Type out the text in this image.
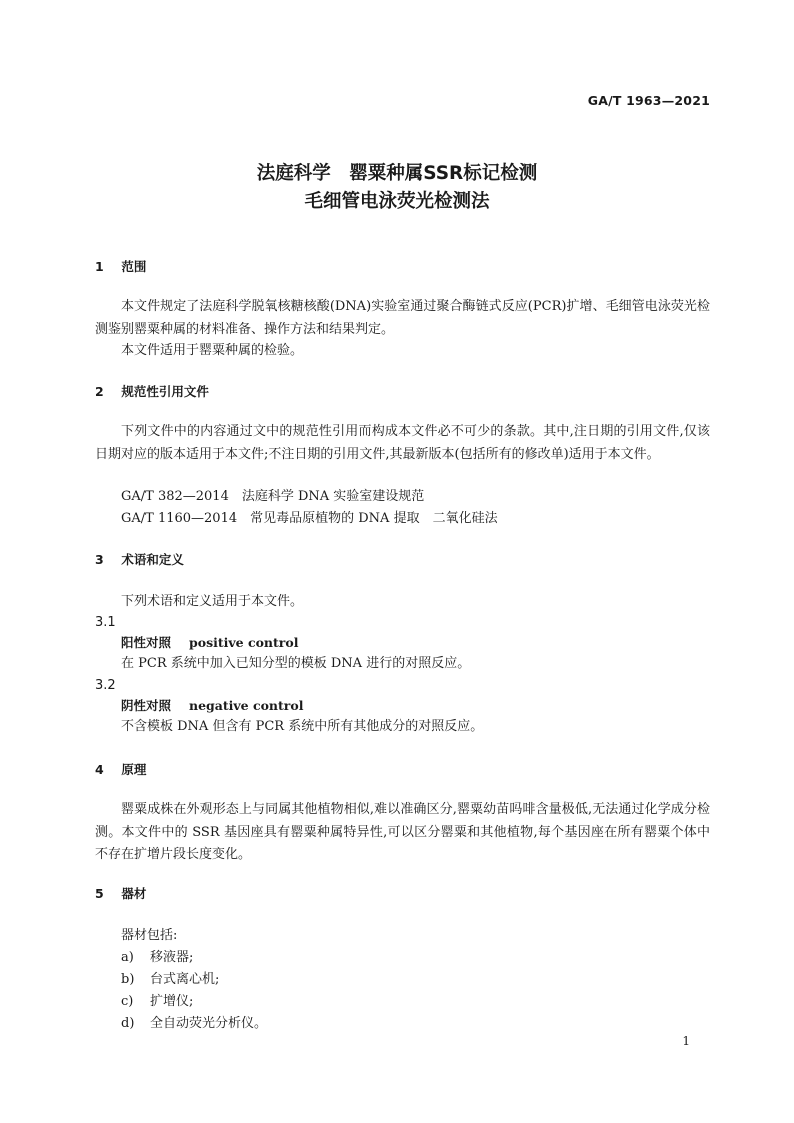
GA/T 1963—2021
法庭科学　罂粟种属SSR标记检测
毛细管电泳荧光检测法
1 范围
本文件规定了法庭科学脱氧核糖核酸(DNA)实验室通过聚合酶链式反应(PCR)扩增、毛细管电泳荧光检测鉴别罂粟种属的材料准备、操作方法和结果判定。
本文件适用于罂粟种属的检验。
2 规范性引用文件
下列文件中的内容通过文中的规范性引用而构成本文件必不可少的条款。其中,注日期的引用文件,仅该日期对应的版本适用于本文件;不注日期的引用文件,其最新版本(包括所有的修改单)适用于本文件。
GA/T 382—2014　法庭科学 DNA 实验室建设规范
GA/T 1160—2014　常见毒品原植物的 DNA 提取　二氧化硅法
3 术语和定义
下列术语和定义适用于本文件。
3.1
阳性对照 positive control
在 PCR 系统中加入已知分型的模板 DNA 进行的对照反应。
3.2
阴性对照 negative control
不含模板 DNA 但含有 PCR 系统中所有其他成分的对照反应。
4 原理
罂粟成株在外观形态上与同属其他植物相似,难以准确区分,罂粟幼苗吗啡含量极低,无法通过化学成分检测。本文件中的 SSR 基因座具有罂粟种属特异性,可以区分罂粟和其他植物,每个基因座在所有罂粟个体中不存在扩增片段长度变化。
5 器材
器材包括:
a) 移液器;
b) 台式离心机;
c) 扩增仪;
d) 全自动荧光分析仪。
1
